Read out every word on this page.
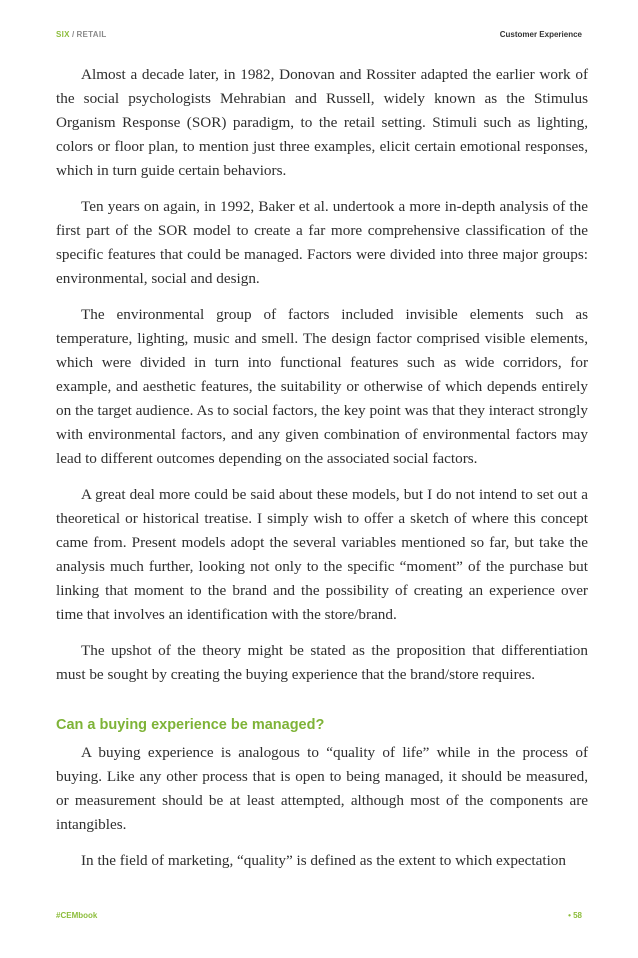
SIX / RETAIL	Customer Experience

Almost a decade later, in 1982, Donovan and Rossiter adapted the earlier work of the social psychologists Mehrabian and Russell, widely known as the Stimulus Organism Response (SOR) paradigm, to the retail setting. Stimuli such as lighting, colors or floor plan, to mention just three examples, elicit certain emotional responses, which in turn guide certain behaviors.

Ten years on again, in 1992, Baker et al. undertook a more in-depth analysis of the first part of the SOR model to create a far more comprehensive classification of the specific features that could be managed. Factors were divided into three major groups: environmental, social and design.

The environmental group of factors included invisible elements such as temperature, lighting, music and smell. The design factor comprised visible elements, which were divided in turn into functional features such as wide corridors, for example, and aesthetic features, the suitability or otherwise of which depends entirely on the target audience. As to social factors, the key point was that they interact strongly with environmental factors, and any given combination of environmental factors may lead to different outcomes depending on the associated social factors.

A great deal more could be said about these models, but I do not intend to set out a theoretical or historical treatise. I simply wish to offer a sketch of where this concept came from. Present models adopt the several variables mentioned so far, but take the analysis much further, looking not only to the specific “moment” of the purchase but linking that moment to the brand and the possibility of creating an experience over time that involves an identification with the store/brand.

The upshot of the theory might be stated as the proposition that differentiation must be sought by creating the buying experience that the brand/store requires.

Can a buying experience be managed?

A buying experience is analogous to “quality of life” while in the process of buying. Like any other process that is open to being managed, it should be measured, or measurement should be at least attempted, although most of the components are intangibles.

In the field of marketing, “quality” is defined as the extent to which expectation

#CEMbook	• 58
